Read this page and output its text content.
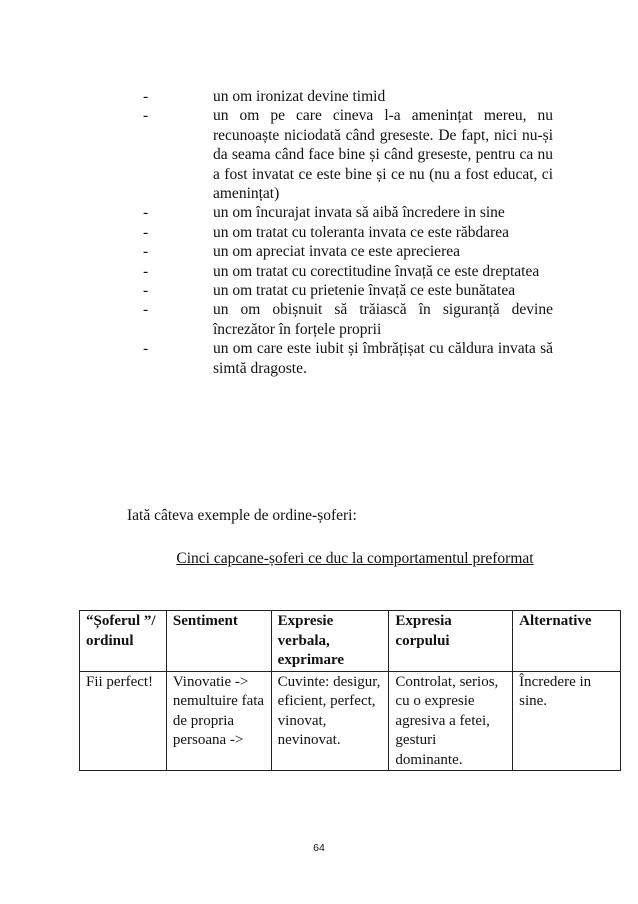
-	un om ironizat devine timid
-	un om pe care cineva l-a amenințat mereu, nu recunoaște niciodată când greseste. De fapt, nici nu-și da seama când face bine și când greseste, pentru ca nu a fost invatat ce este bine și ce nu (nu a fost educat, ci amenințat)
-	un om încurajat invata să aibă încredere in sine
-	un om tratat cu toleranta invata ce este răbdarea
-	un om apreciat invata ce este aprecierea
-	un om tratat cu corectitudine învață ce este dreptatea
-	un om tratat cu prietenie învață ce este bunătatea
-	un om obișnuit să trăiască în siguranță devine încrezător în forțele proprii
-	un om care este iubit și îmbrățișat cu căldura invata să simtă dragoste.
Iată câteva exemple de ordine-șoferi:
Cinci capcane-șoferi ce duc la comportamentul preformat
“Șoferul ”/ ordinul	Sentiment	Expresie verbala, exprimare	Expresia corpului	Alternative
Fii perfect!	Vinovatie -> nemultuire fata de propria persoana ->	Cuvinte: desigur, eficient, perfect, vinovat, nevinovat.	Controlat, serios, cu o expresie agresiva a fetei, gesturi dominante.	Încredere in sine.
64
